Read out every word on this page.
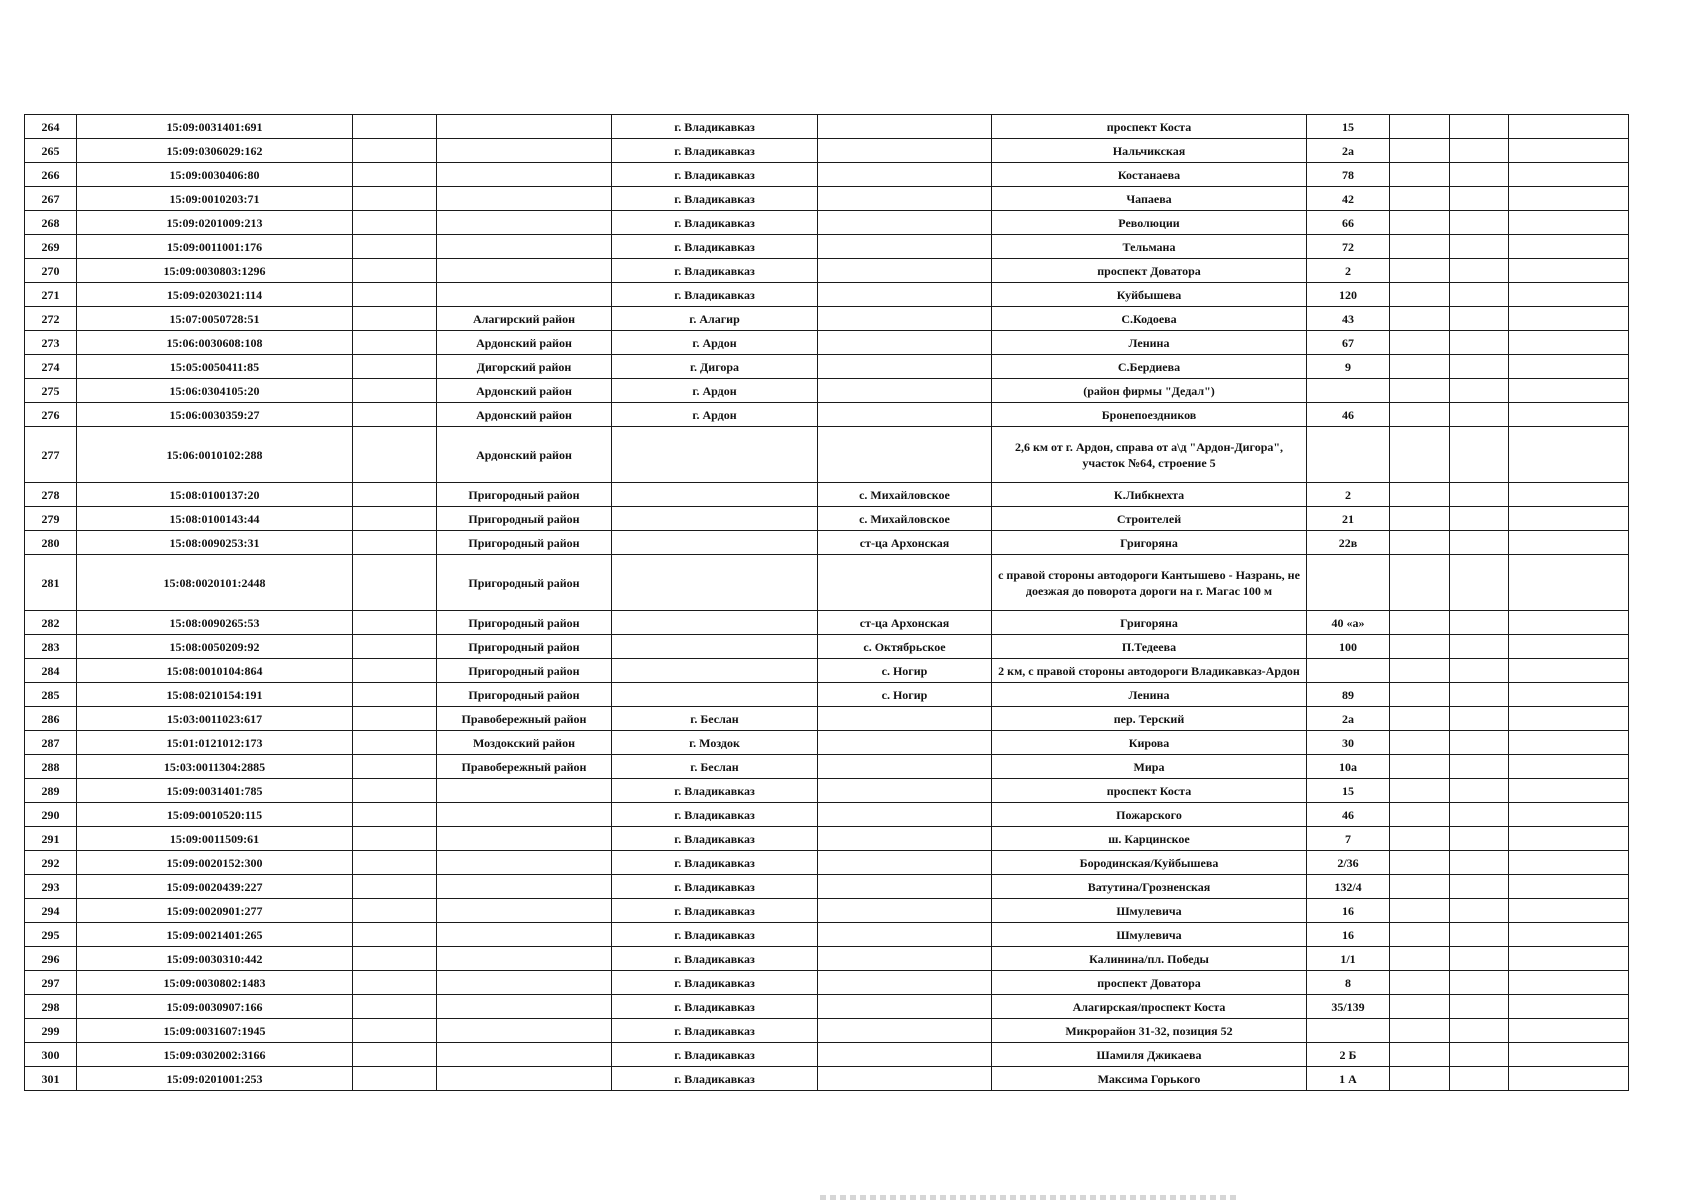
264	15:09:0031401:691			г. Владикавказ		проспект Коста	15			
265	15:09:0306029:162			г. Владикавказ		Нальчикская	2а			
266	15:09:0030406:80			г. Владикавказ		Костанаева	78			
267	15:09:0010203:71			г. Владикавказ		Чапаева	42			
268	15:09:0201009:213			г. Владикавказ		Революции	66			
269	15:09:0011001:176			г. Владикавказ		Тельмана	72			
270	15:09:0030803:1296			г. Владикавказ		проспект Доватора	2			
271	15:09:0203021:114			г. Владикавказ		Куйбышева	120			
272	15:07:0050728:51		Алагирский район	г. Алагир		С.Кодоева	43			
273	15:06:0030608:108		Ардонский район	г. Ардон		Ленина	67			
274	15:05:0050411:85		Дигорский район	г. Дигора		С.Бердиева	9			
275	15:06:0304105:20		Ардонский район	г. Ардон		(район фирмы "Дедал")				
276	15:06:0030359:27		Ардонский район	г. Ардон		Бронепоездников	46			
277	15:06:0010102:288		Ардонский район			2,6 км от г. Ардон, справа от а\д "Ардон-Дигора", участок №64, строение 5				
278	15:08:0100137:20		Пригородный район		с. Михайловское	К.Либкнехта	2			
279	15:08:0100143:44		Пригородный район		с. Михайловское	Строителей	21			
280	15:08:0090253:31		Пригородный район		ст-ца Архонская	Григоряна	22в			
281	15:08:0020101:2448		Пригородный район			с правой стороны автодороги Кантышево - Назрань, не доезжая до поворота дороги на г. Магас 100 м				
282	15:08:0090265:53		Пригородный район		ст-ца Архонская	Григоряна	40 «а»			
283	15:08:0050209:92		Пригородный район		с. Октябрьское	П.Тедеева	100			
284	15:08:0010104:864		Пригородный район		с. Ногир	2 км, с правой стороны автодороги Владикавказ-Ардон				
285	15:08:0210154:191		Пригородный район		с. Ногир	Ленина	89			
286	15:03:0011023:617		Правобережный район	г. Беслан		пер. Терский	2а			
287	15:01:0121012:173		Моздокский район	г. Моздок		Кирова	30			
288	15:03:0011304:2885		Правобережный район	г. Беслан		Мира	10а			
289	15:09:0031401:785			г. Владикавказ		проспект Коста	15			
290	15:09:0010520:115			г. Владикавказ		Пожарского	46			
291	15:09:0011509:61			г. Владикавказ		ш. Карцинское	7			
292	15:09:0020152:300			г. Владикавказ		Бородинская/Куйбышева	2/36			
293	15:09:0020439:227			г. Владикавказ		Ватутина/Грозненская	132/4			
294	15:09:0020901:277			г. Владикавказ		Шмулевича	16			
295	15:09:0021401:265			г. Владикавказ		Шмулевича	16			
296	15:09:0030310:442			г. Владикавказ		Калинина/пл. Победы	1/1			
297	15:09:0030802:1483			г. Владикавказ		проспект Доватора	8			
298	15:09:0030907:166			г. Владикавказ		Алагирская/проспект Коста	35/139			
299	15:09:0031607:1945			г. Владикавказ		Микрорайон 31-32, позиция 52				
300	15:09:0302002:3166			г. Владикавказ		Шамиля Джикаева	2 Б			
301	15:09:0201001:253			г. Владикавказ		Максима Горького	1 А			
